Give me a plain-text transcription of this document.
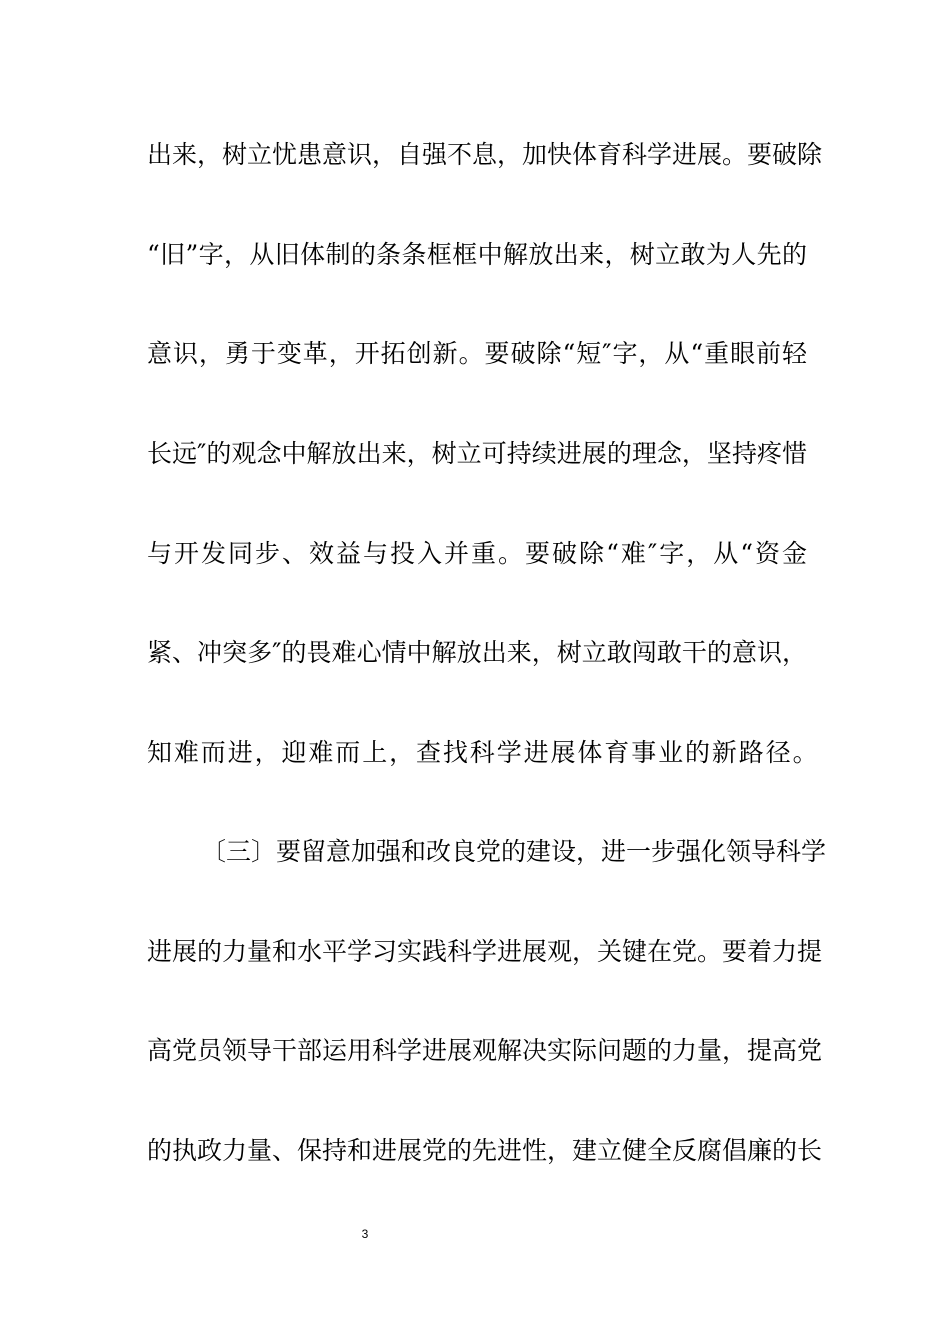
出来，树立忧患意识，自强不息，加快体育科学进展。要破除
“旧”字，从旧体制的条条框框中解放出来，树立敢为人先的
意识，勇于变革，开拓创新。要破除“短″字，从“重眼前轻
长远″的观念中解放出来，树立可持续进展的理念，坚持疼惜
与开发同步、效益与投入并重。要破除“难″字，从“资金
紧、冲突多″的畏难心情中解放出来，树立敢闯敢干的意识，
知难而进，迎难而上，查找科学进展体育事业的新路径。
〔三〕要留意加强和改良党的建设，进一步强化领导科学
进展的力量和水平学习实践科学进展观，关键在党。要着力提
高党员领导干部运用科学进展观解决实际问题的力量，提高党
的执政力量、保持和进展党的先进性，建立健全反腐倡廉的长
3
